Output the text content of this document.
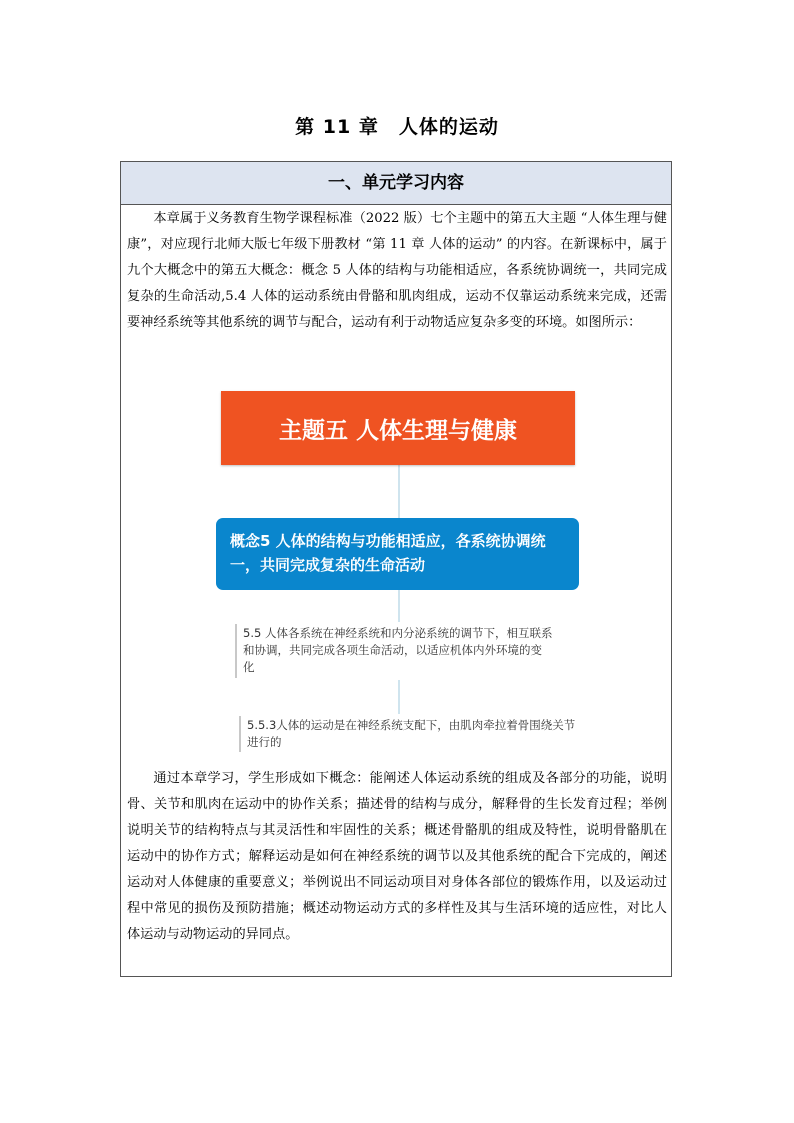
第 11 章　人体的运动
一、单元学习内容

本章属于义务教育生物学课程标准（2022 版）七个主题中的第五大主题 “人体生理与健康”，对应现行北师大版七年级下册教材 “第 11 章 人体的运动” 的内容。在新课标中，属于九个大概念中的第五大概念：概念 5 人体的结构与功能相适应，各系统协调统一，共同完成复杂的生命活动,5.4 人体的运动系统由骨骼和肌肉组成，运动不仅靠运动系统来完成，还需要神经系统等其他系统的调节与配合，运动有利于动物适应复杂多变的环境。如图所示：

主题五 人体生理与健康
概念5 人体的结构与功能相适应，各系统协调统一，共同完成复杂的生命活动
5.5 人体各系统在神经系统和内分泌系统的调节下，相互联系和协调，共同完成各项生命活动，以适应机体内外环境的变化
5.5.3人体的运动是在神经系统支配下，由肌肉牵拉着骨围绕关节进行的

通过本章学习，学生形成如下概念：能阐述人体运动系统的组成及各部分的功能，说明骨、关节和肌肉在运动中的协作关系；描述骨的结构与成分，解释骨的生长发育过程；举例说明关节的结构特点与其灵活性和牢固性的关系；概述骨骼肌的组成及特性，说明骨骼肌在运动中的协作方式；解释运动是如何在神经系统的调节以及其他系统的配合下完成的，阐述运动对人体健康的重要意义；举例说出不同运动项目对身体各部位的锻炼作用，以及运动过程中常见的损伤及预防措施；概述动物运动方式的多样性及其与生活环境的适应性，对比人体运动与动物运动的异同点。
